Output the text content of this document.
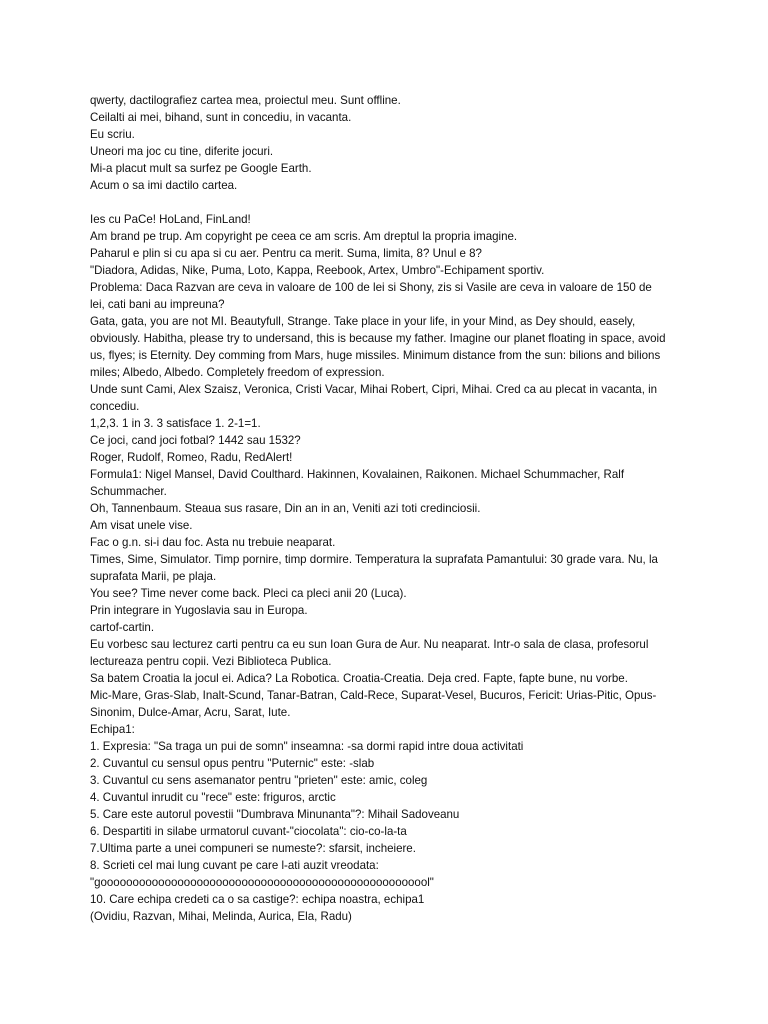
qwerty, dactilografiez cartea mea, proiectul meu. Sunt offline.

Ceilalti ai mei, bihand, sunt in concediu, in vacanta.

Eu scriu.

Uneori ma joc cu tine, diferite jocuri.

Mi-a placut mult sa surfez pe Google Earth.

Acum o sa imi dactilo cartea.

Ies cu PaCe! HoLand, FinLand!

Am brand pe trup. Am copyright pe ceea ce am scris. Am dreptul la propria imagine.

Paharul e plin si cu apa si cu aer. Pentru ca merit. Suma, limita, 8? Unul e 8?

"Diadora, Adidas, Nike, Puma, Loto, Kappa, Reebook, Artex, Umbro"-Echipament sportiv.

Problema: Daca Razvan are ceva in valoare de 100 de lei si Shony, zis si Vasile are ceva in valoare de 150 de lei, cati bani au impreuna?

Gata, gata, you are not MI. Beautyfull, Strange. Take place in your life, in your Mind, as Dey should, easely, obviously. Habitha, please try to undersand, this is because my father. Imagine our planet floating in space, avoid us, flyes; is Eternity. Dey comming from Mars, huge missiles. Minimum distance from the sun: bilions and bilions miles; Albedo, Albedo. Completely freedom of expression.

Unde sunt Cami, Alex Szaisz, Veronica, Cristi Vacar, Mihai Robert, Cipri, Mihai. Cred ca au plecat in vacanta, in concediu.

1,2,3. 1 in 3. 3 satisface 1. 2-1=1.

Ce joci, cand joci fotbal? 1442 sau 1532?

Roger, Rudolf, Romeo, Radu, RedAlert!

Formula1: Nigel Mansel, David Coulthard. Hakinnen, Kovalainen, Raikonen. Michael Schummacher, Ralf Schummacher.

Oh, Tannenbaum. Steaua sus rasare, Din an in an, Veniti azi toti credinciosii.

Am visat unele vise.

Fac o g.n. si-i dau foc. Asta nu trebuie neaparat.

Times, Sime, Simulator. Timp pornire, timp dormire. Temperatura la suprafata Pamantului: 30 grade vara. Nu, la suprafata Marii, pe plaja.

You see? Time never come back. Pleci ca pleci anii 20 (Luca).

Prin integrare in Yugoslavia sau in Europa.

cartof-cartin.

Eu vorbesc sau lecturez carti pentru ca eu sun Ioan Gura de Aur. Nu neaparat. Intr-o sala de clasa, profesorul lectureaza pentru copii. Vezi Biblioteca Publica.

Sa batem Croatia la jocul ei. Adica? La Robotica. Croatia-Creatia. Deja cred. Fapte, fapte bune, nu vorbe.

Mic-Mare, Gras-Slab, Inalt-Scund, Tanar-Batran, Cald-Rece, Suparat-Vesel, Bucuros, Fericit: Urias-Pitic, Opus-Sinonim, Dulce-Amar, Acru, Sarat, Iute.

Echipa1:

1. Expresia: "Sa traga un pui de somn" inseamna: -sa dormi rapid intre doua activitati

2. Cuvantul cu sensul opus pentru "Puternic" este: -slab

3. Cuvantul cu sens asemanator pentru "prieten" este: amic, coleg

4. Cuvantul inrudit cu "rece" este: friguros, arctic

5. Care este autorul povestii "Dumbrava Minunanta"?: Mihail Sadoveanu

6. Despartiti in silabe urmatorul cuvant-"ciocolata": cio-co-la-ta

7.Ultima parte a unei compuneri se numeste?: sfarsit, incheiere.

8. Scrieti cel mai lung cuvant pe care l-ati auzit vreodata:

"goooooooooooooooooooooooooooooooooooooooooooooooooool"

10. Care echipa credeti ca o sa castige?: echipa noastra, echipa1

(Ovidiu, Razvan, Mihai, Melinda, Aurica, Ela, Radu)
